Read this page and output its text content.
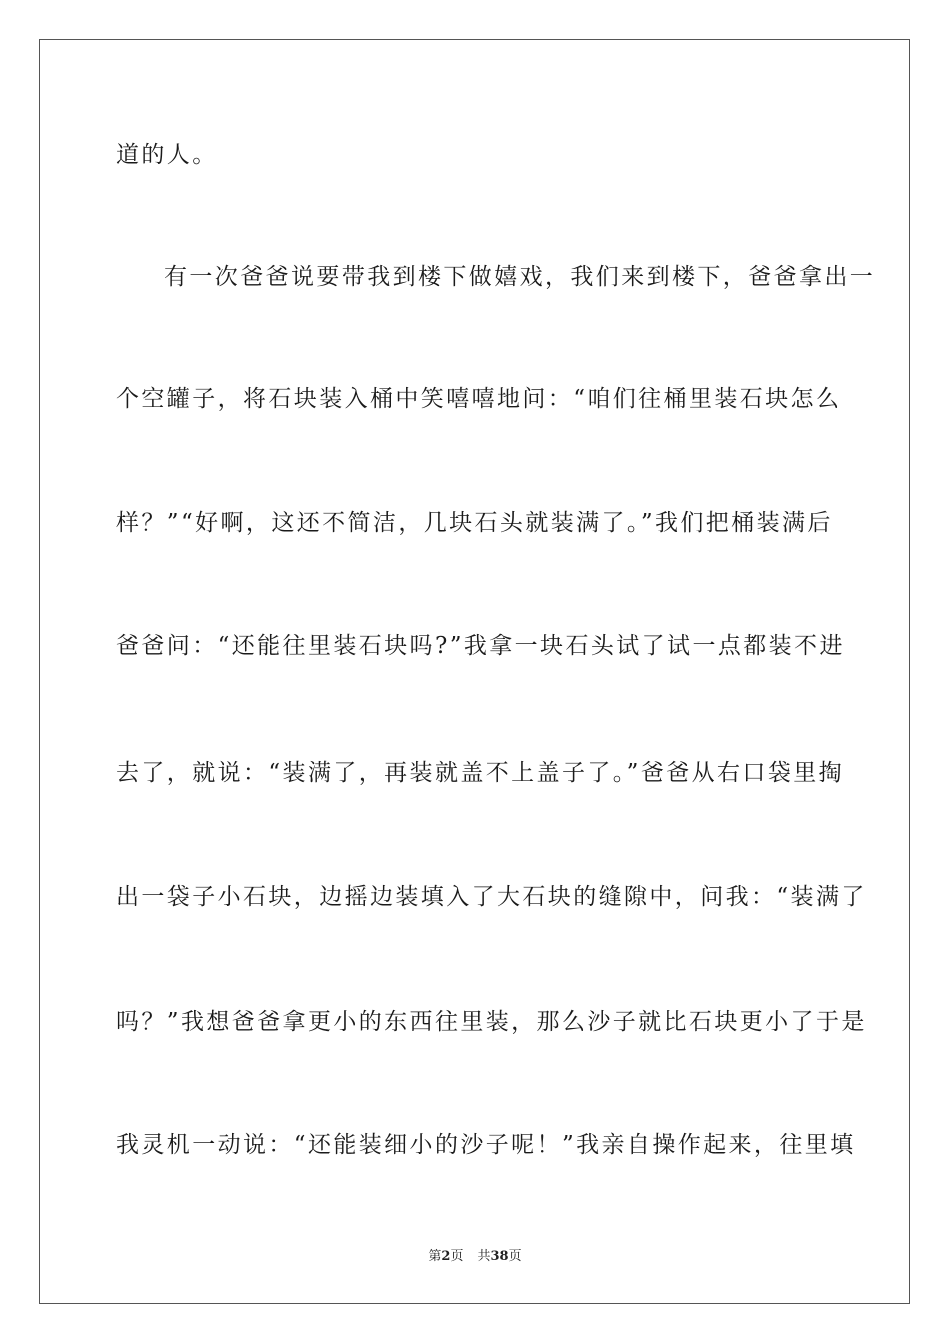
道的人。
有一次爸爸说要带我到楼下做嬉戏，我们来到楼下，爸爸拿出一
个空罐子，将石块装入桶中笑嘻嘻地问：“咱们往桶里装石块怎么
样？”“好啊，这还不简洁，几块石头就装满了。”我们把桶装满后
爸爸问：“还能往里装石块吗?”我拿一块石头试了试一点都装不进
去了，就说：“装满了，再装就盖不上盖子了。”爸爸从右口袋里掏
出一袋子小石块，边摇边装填入了大石块的缝隙中，问我：“装满了
吗？”我想爸爸拿更小的东西往里装，那么沙子就比石块更小了于是
我灵机一动说：“还能装细小的沙子呢！”我亲自操作起来，往里填
第2页 共38页
